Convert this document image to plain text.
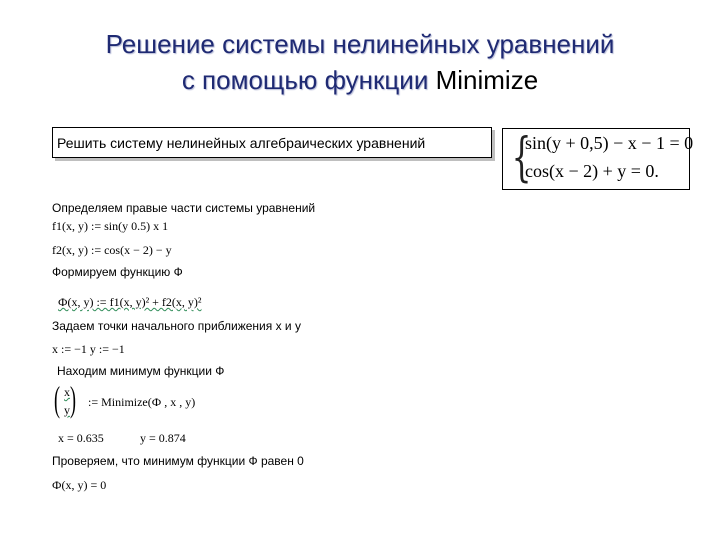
Решение системы нелинейных уравнений
с помощью функции Minimize
Решить систему нелинейных алгебраических уравнений	{
sin(y + 0,5) − x − 1 = 0
cos(x − 2) + y = 0.
Определяем правые части системы уравнений
f1(x, y) := sin(y 0.5) x 1
f2(x, y) := cos(x − 2) − y
Формируем функцию Ф
Ф(x, y) := f1(x, y)² + f2(x, y)²
Задаем точки начального приближения x и y
x := −1 y := −1
Находим минимум функции Ф
( x
y ) := Minimize(Ф , x , y)
x = 0.635	y = 0.874
Проверяем, что минимум функции Ф равен 0
Ф(x, y) = 0
